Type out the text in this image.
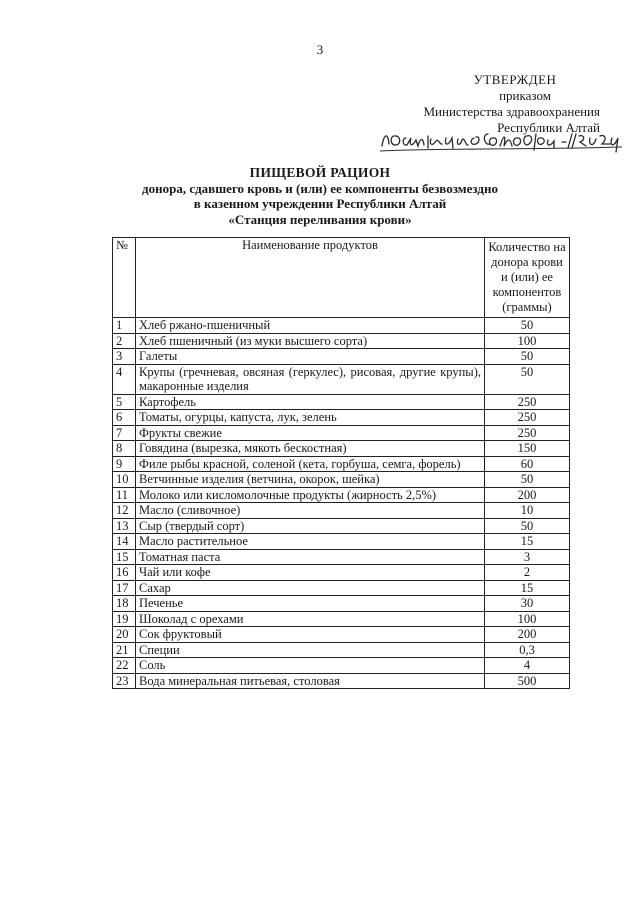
3
УТВЕРЖДЕН
приказом
Министерства здравоохранения
Республики Алтай
ПИЩЕВОЙ РАЦИОН
донора, сдавшего кровь и (или) ее компоненты безвозмездно
в казенном учреждении Республики Алтай
«Станция переливания крови»
№	Наименование продуктов	Количество на донора крови и (или) ее компонентов (граммы)
1	Хлеб ржано-пшеничный	50
2	Хлеб пшеничный (из муки высшего сорта)	100
3	Галеты	50
4	Крупы (гречневая, овсяная (геркулес), рисовая, другие крупы), макаронные изделия	50
5	Картофель	250
6	Томаты, огурцы, капуста, лук, зелень	250
7	Фрукты свежие	250
8	Говядина (вырезка, мякоть бескостная)	150
9	Филе рыбы красной, соленой (кета, горбуша, семга, форель)	60
10	Ветчинные изделия (ветчина, окорок, шейка)	50
11	Молоко или кисломолочные продукты (жирность 2,5%)	200
12	Масло (сливочное)	10
13	Сыр (твердый сорт)	50
14	Масло растительное	15
15	Томатная паста	3
16	Чай или кофе	2
17	Сахар	15
18	Печенье	30
19	Шоколад с орехами	100
20	Сок фруктовый	200
21	Специи	0,3
22	Соль	4
23	Вода минеральная питьевая, столовая	500
